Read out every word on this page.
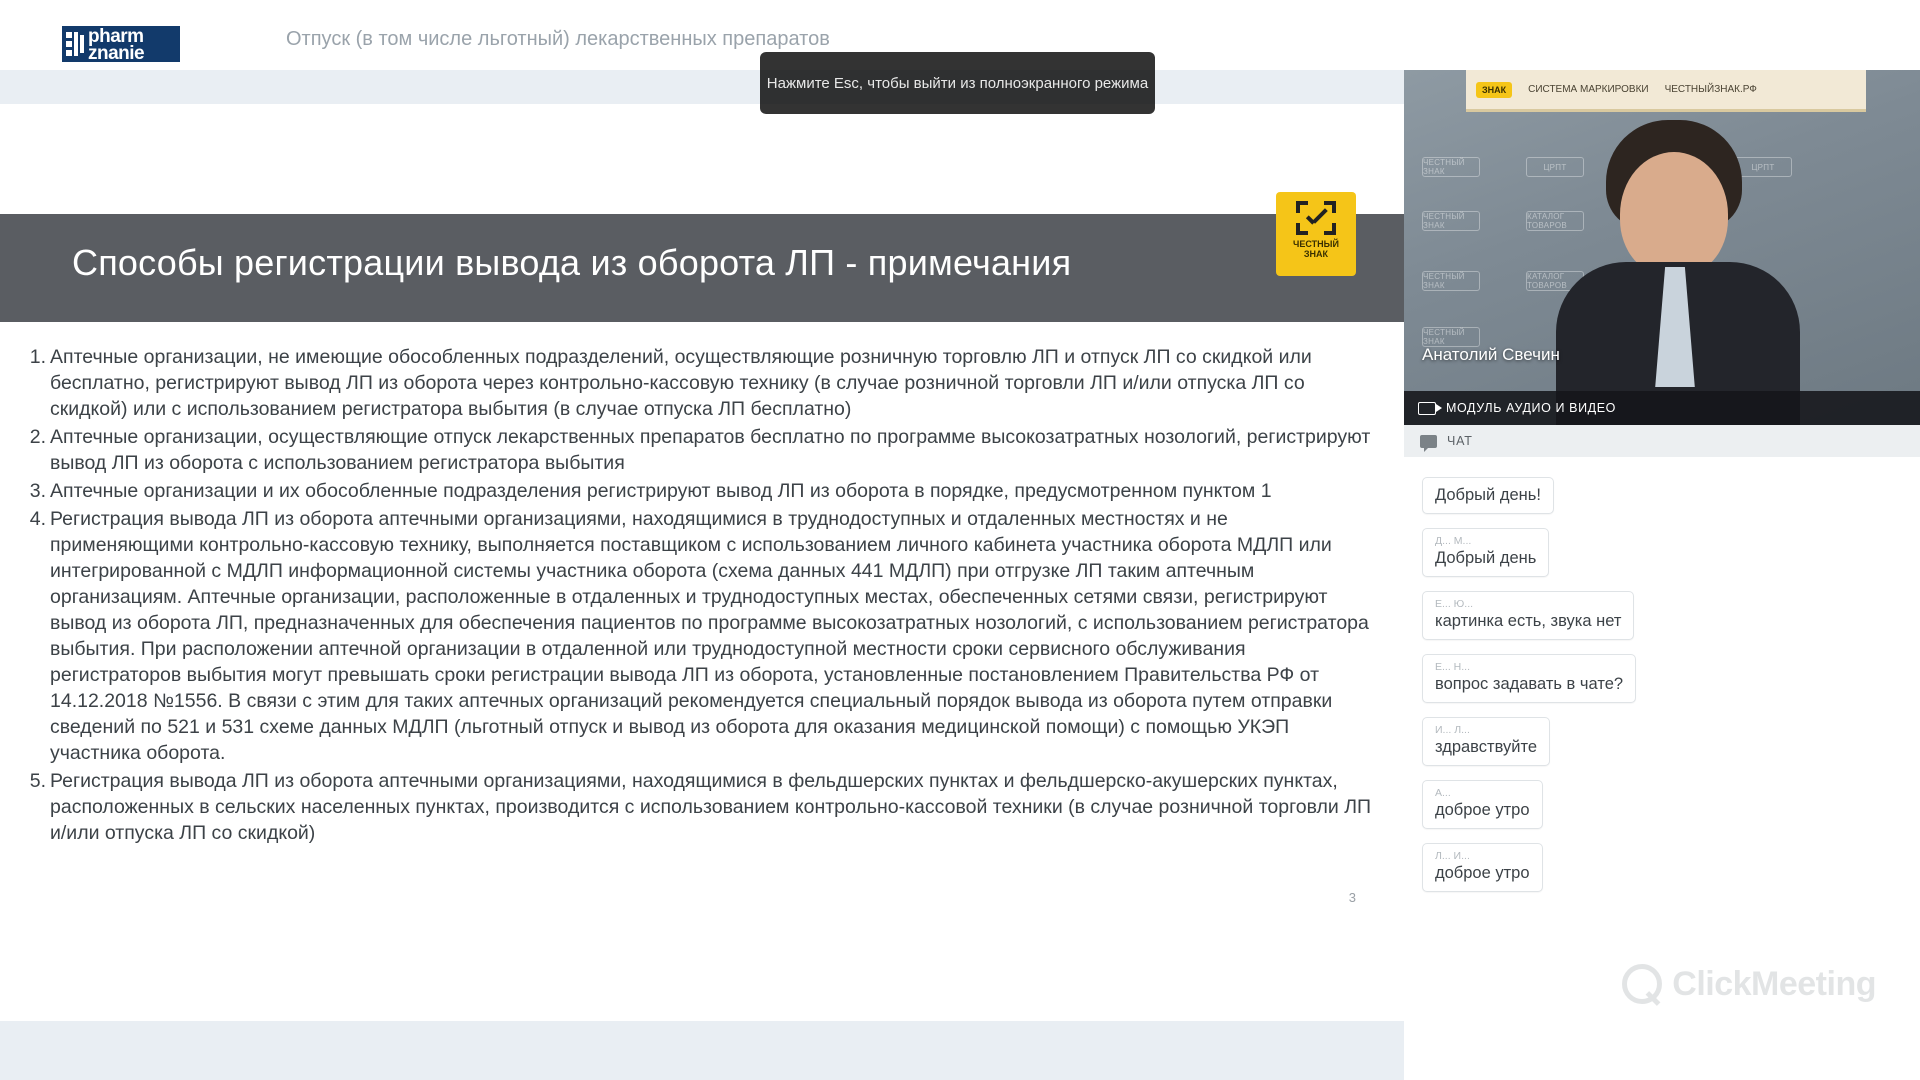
pharm
znanie
Отпуск (в том числе льготный) лекарственных препаратов
Нажмите Esc, чтобы выйти из полноэкранного режима
Способы регистрации вывода из оборота ЛП - примечания	ЧЕСТНЫЙ
ЗНАК
1. Аптечные организации, не имеющие обособленных подразделений, осуществляющие розничную торговлю ЛП и отпуск ЛП со скидкой или бесплатно, регистрируют вывод ЛП из оборота через контрольно-кассовую технику (в случае розничной торговли ЛП и/или отпуска ЛП со скидкой) или с использованием регистратора выбытия (в случае отпуска ЛП бесплатно)
2. Аптечные организации, осуществляющие отпуск лекарственных препаратов бесплатно по программе высокозатратных нозологий, регистрируют вывод ЛП из оборота с использованием регистратора выбытия
3. Аптечные организации и их обособленные подразделения регистрируют вывод ЛП из оборота в порядке, предусмотренном пунктом 1
4. Регистрация вывода ЛП из оборота аптечными организациями, находящимися в труднодоступных и отдаленных местностях и не применяющими контрольно-кассовую технику, выполняется поставщиком с использованием личного кабинета участника оборота МДЛП или интегрированной с МДЛП информационной системы участника оборота (схема данных 441 МДЛП) при отгрузке ЛП таким аптечным организациям. Аптечные организации, расположенные в отдаленных и труднодоступных местах, обеспеченных сетями связи, регистрируют вывод из оборота ЛП, предназначенных для обеспечения пациентов по программе высокозатратных нозологий, с использованием регистратора выбытия. При расположении аптечной организации в отдаленной или труднодоступной местности сроки сервисного обслуживания регистраторов выбытия могут превышать сроки регистрации вывода ЛП из оборота, установленные постановлением Правительства РФ от 14.12.2018 №1556. В связи с этим для таких аптечных организаций рекомендуется специальный порядок вывода из оборота путем отправки сведений по 521 и 531 схеме данных МДЛП (льготный отпуск и вывод из оборота для оказания медицинской помощи) с помощью УКЭП участника оборота.
5. Регистрация вывода ЛП из оборота аптечными организациями, находящимися в фельдшерских пунктах и фельдшерско-акушерских пунктах, расположенных в сельских населенных пунктах, производится с использованием контрольно-кассовой техники (в случае розничной торговли ЛП и/или отпуска ЛП со скидкой)
3
ЗНАК	СИСТЕМА МАРКИРОВКИ ЧЕСТНЫЙЗНАК.РФ
ЧЕСТНЫЙ ЗНАК	ЦРПТ	ЦРПТ
ЧЕСТНЫЙ ЗНАК
КАТАЛОГ ТОВАРОВ
ЧЕСТНЫЙ ЗНАК
КАТАЛОГ ТОВАРОВ
ЧЕСТНЫЙ ЗНАК
Анатолий Свечин
МОДУЛЬ АУДИО И ВИДЕО
ЧАТ
Добрый день!
Д... М...
Добрый день
Е... Ю...
картинка есть, звука нет
Е... Н...
вопрос задавать в чате?
И... Л...
здравствуйте
А...
доброе утро
Л... И...
доброе утро
ClickMeeting
